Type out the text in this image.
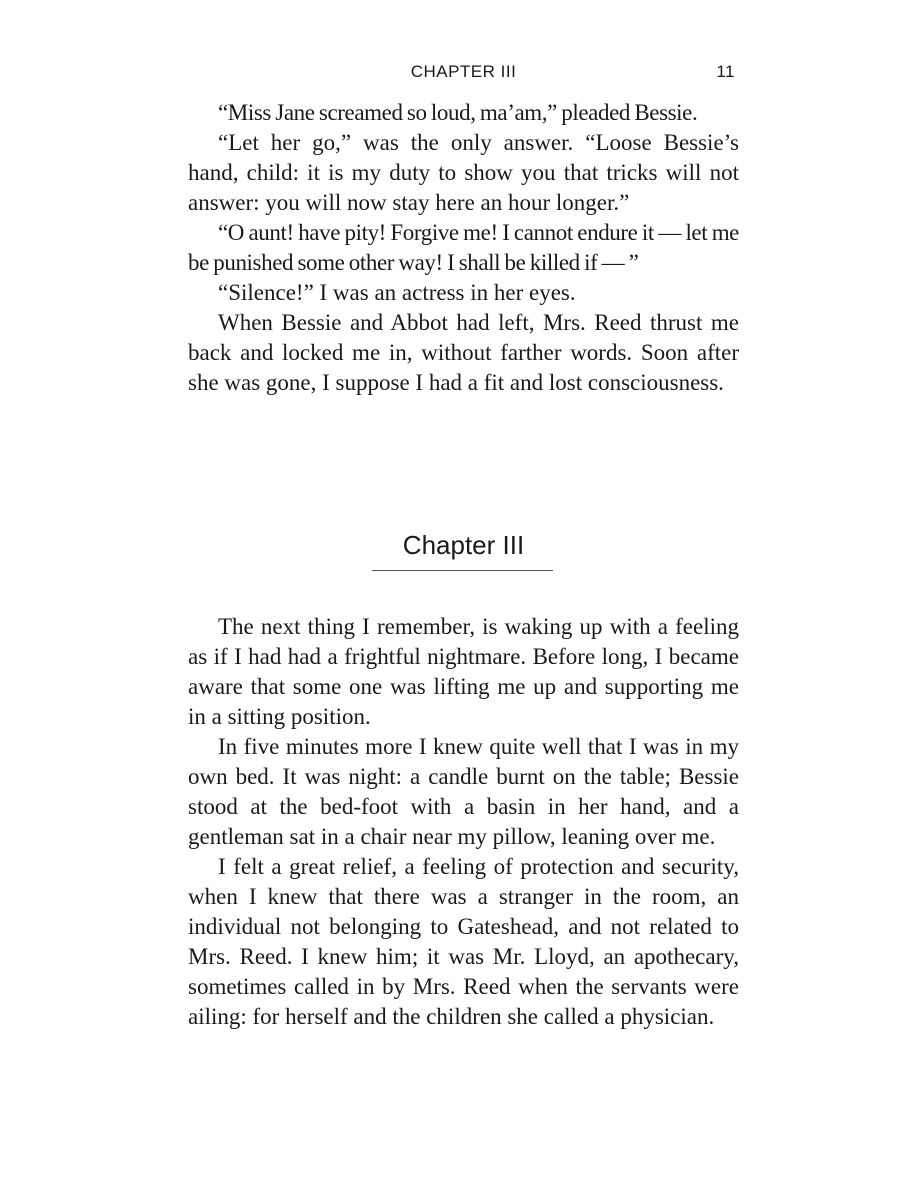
CHAPTER III	11

“Miss Jane screamed so loud, ma’am,” pleaded Bessie.

“Let her go,” was the only answer. “Loose Bessie’s hand, child: it is my duty to show you that tricks will not answer: you will now stay here an hour longer.”

“O aunt! have pity! Forgive me! I cannot endure it — let me be punished some other way! I shall be killed if — ”

“Silence!” I was an actress in her eyes.

When Bessie and Abbot had left, Mrs. Reed thrust me back and locked me in, without farther words. Soon after she was gone, I suppose I had a fit and lost consciousness.

Chapter III

The next thing I remember, is waking up with a feeling as if I had had a frightful nightmare. Before long, I became aware that some one was lifting me up and supporting me in a sitting position.

In five minutes more I knew quite well that I was in my own bed. It was night: a candle burnt on the table; Bessie stood at the bed-foot with a basin in her hand, and a gentleman sat in a chair near my pillow, leaning over me.

I felt a great relief, a feeling of protection and security, when I knew that there was a stranger in the room, an individual not belonging to Gateshead, and not related to Mrs. Reed. I knew him; it was Mr. Lloyd, an apothecary, sometimes called in by Mrs. Reed when the servants were ailing: for herself and the children she called a physician.
